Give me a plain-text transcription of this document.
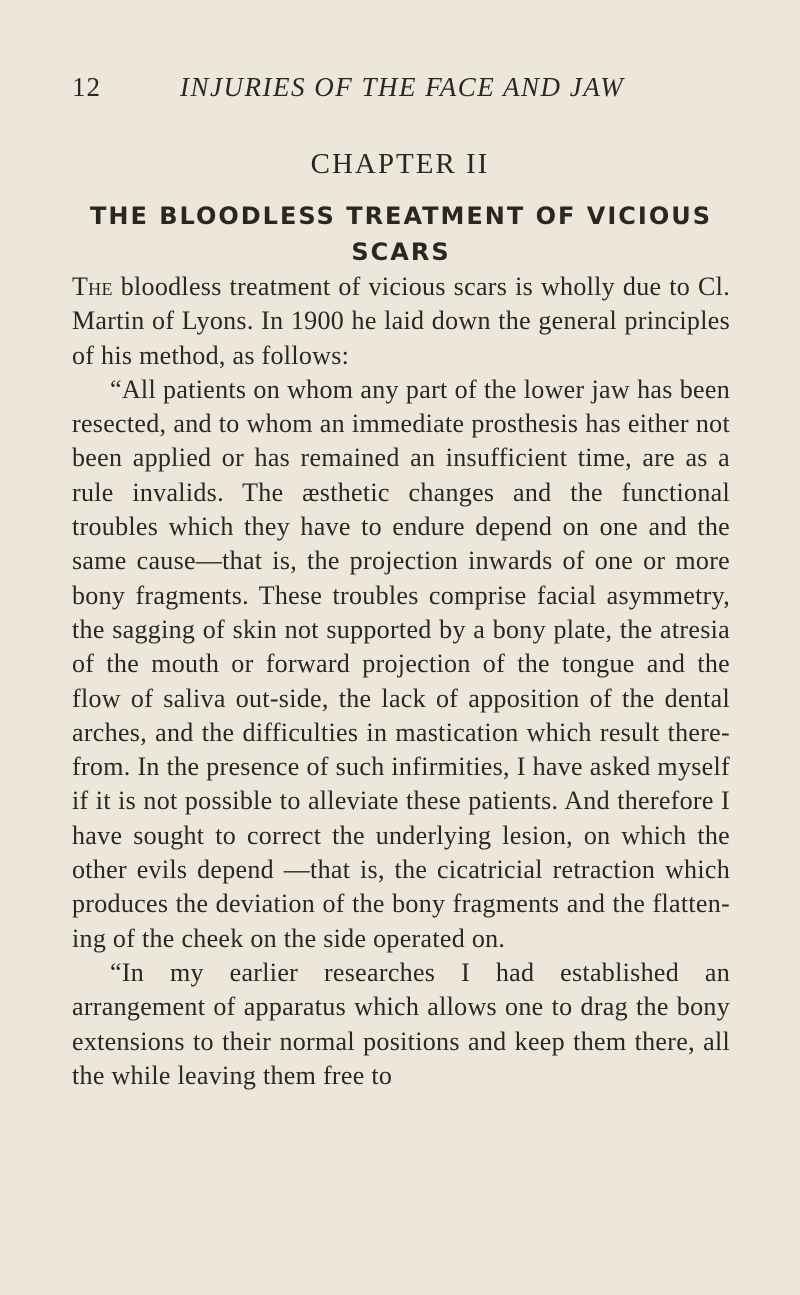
12	INJURIES OF THE FACE AND JAW
CHAPTER II
THE BLOODLESS TREATMENT OF VICIOUS
SCARS

The bloodless treatment of vicious scars is wholly due to Cl. Martin of Lyons. In 1900 he laid down the general principles of his method, as follows:

“All patients on whom any part of the lower jaw has been resected, and to whom an immediate prosthesis has either not been applied or has remained an insufficient time, are as a rule invalids. The æsthetic changes and the functional troubles which they have to endure depend on one and the same cause—that is, the projection inwards of one or more bony fragments. These troubles comprise facial asymmetry, the sagging of skin not supported by a bony plate, the atresia of the mouth or forward projection of the tongue and the flow of saliva out-side, the lack of apposition of the dental arches, and the difficulties in mastication which result there-from. In the presence of such infirmities, I have asked myself if it is not possible to alleviate these patients. And therefore I have sought to correct the underlying lesion, on which the other evils depend —that is, the cicatricial retraction which produces the deviation of the bony fragments and the flatten-ing of the cheek on the side operated on.

“In my earlier researches I had established an arrangement of apparatus which allows one to drag the bony extensions to their normal positions and keep them there, all the while leaving them free to
